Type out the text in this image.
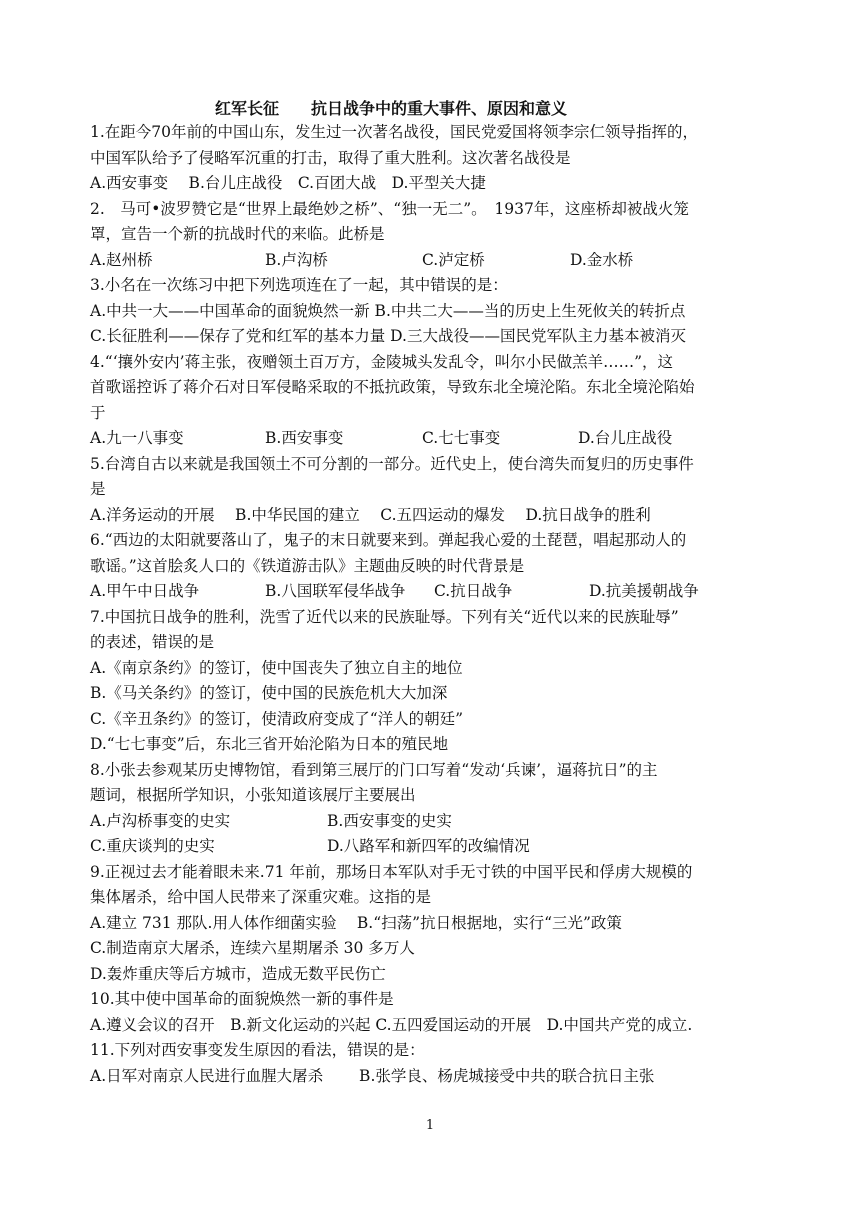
红军长征　　抗日战争中的重大事件、原因和意义
1.在距今70年前的中国山东，发生过一次著名战役，国民党爱国将领李宗仁领导指挥的，
中国军队给予了侵略军沉重的打击，取得了重大胜利。这次著名战役是
A.西安事变　 B.台儿庄战役　C.百团大战　D.平型关大捷
2.　马可•波罗赞它是“世界上最绝妙之桥”、“独一无二”。　1937年，这座桥却被战火笼
罩，宣告一个新的抗战时代的来临。此桥是
A.赵州桥	B.卢沟桥	C.泸定桥	D.金水桥
3.小名在一次练习中把下列选项连在了一起，其中错误的是：
A.中共一大——中国革命的面貌焕然一新 B.中共二大——当的历史上生死攸关的转折点
C.长征胜利——保存了党和红军的基本力量 D.三大战役——国民党军队主力基本被消灭
4.“‘攘外安内’蒋主张，夜赠领土百万方，金陵城头发乱令，叫尔小民做羔羊……”，这
首歌谣控诉了蒋介石对日军侵略采取的不抵抗政策，导致东北全境沦陷。东北全境沦陷始
于
A.九一八事变	B.西安事变	C.七七事变	D.台儿庄战役
5.台湾自古以来就是我国领土不可分割的一部分。近代史上，使台湾失而复归的历史事件
是
A.洋务运动的开展　 B.中华民国的建立　 C.五四运动的爆发　 D.抗日战争的胜利
6.“西边的太阳就要落山了，鬼子的末日就要来到。弹起我心爱的土琵琶，唱起那动人的
歌谣。”这首脍炙人口的《铁道游击队》主题曲反映的时代背景是
A.甲午中日战争	B.八国联军侵华战争	C.抗日战争	D.抗美援朝战争
7.中国抗日战争的胜利，洗雪了近代以来的民族耻辱。下列有关“近代以来的民族耻辱”
的表述，错误的是
A.《南京条约》的签订，使中国丧失了独立自主的地位
B.《马关条约》的签订，使中国的民族危机大大加深
C.《辛丑条约》的签订，使清政府变成了“洋人的朝廷”
D.“七七事变”后，东北三省开始沦陷为日本的殖民地
8.小张去参观某历史博物馆，看到第三展厅的门口写着“发动‘兵谏’，逼蒋抗日”的主
题词，根据所学知识，小张知道该展厅主要展出
A.卢沟桥事变的史实	B.西安事变的史实
C.重庆谈判的史实	D.八路军和新四军的改编情况
9.正视过去才能着眼未来.71 年前，那场日本军队对手无寸铁的中国平民和俘虏大规模的
集体屠杀，给中国人民带来了深重灾难。这指的是
A.建立 731 那队.用人体作细菌实验　 B.“扫荡”抗日根据地，实行“三光”政策
C.制造南京大屠杀，连续六星期屠杀 30 多万人
D.轰炸重庆等后方城市，造成无数平民伤亡
10.其中使中国革命的面貌焕然一新的事件是
A.遵义会议的召开　B.新文化运动的兴起 C.五四爱国运动的开展　D.中国共产党的成立.
11.下列对西安事变发生原因的看法，错误的是：
A.日军对南京人民进行血腥大屠杀　　 B.张学良、杨虎城接受中共的联合抗日主张
1
